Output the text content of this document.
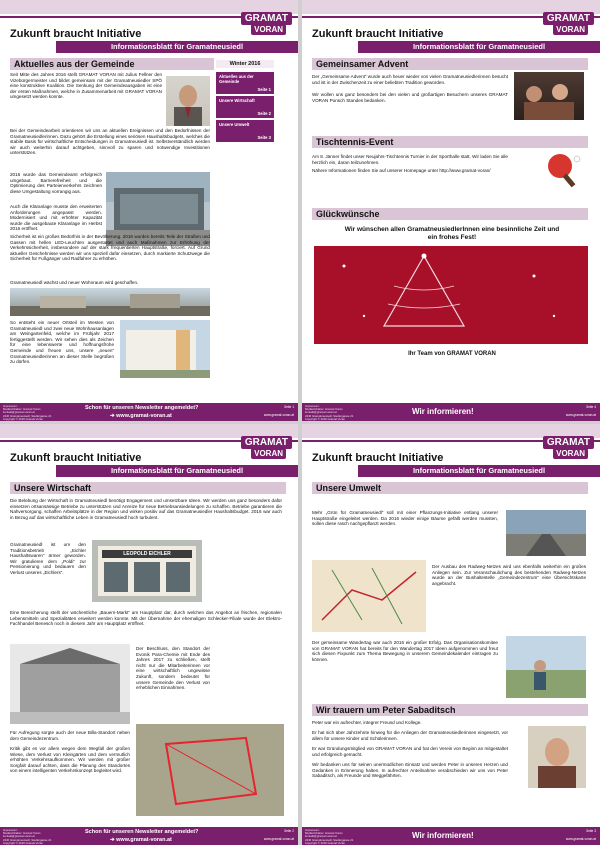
GRAMAT
VORAN
Zukunft braucht Initiative
Informationsblatt für Gramatneusiedl
Aktuelles aus der Gemeinde	Winter 2016
Aktuelles aus der Gemeinde
Seite 1
Unsere Wirtschaft
Seite 2
Unsere Umwelt
Seite 3
Seit Mitte des Jahres 2016 stellt GRAMAT VORAN mit Julius Fellner den Vizebürgermeister und bildet gemeinsam mit der Gramatneusiedler SPÖ eine konstruktive Koalition. Die Senkung der Gemeindeausgaben ist eine der ersten Maßnahmen, welche in Zusammenarbeit mit GRAMAT VORAN umgesetzt werden konnte.
Bei der Gemeindearbeit orientieren wir uns an aktuellen Ereignissen und den Bedürfnissen der Gramatneusiedlerinnen. Dazu gehört die Erstellung eines seriösen Haushaltsbudgets, welches die stabile Basis für wirtschaftliche Entscheidungen in Gramatneusiedl ist. Selbstverständlich werden wir auch weiterhin darauf achtgeben, sinnvoll zu sparen und notwendige Investitionen unterstützen.
2016 wurde das Gemeindeamt erfolgreich umgebaut. Barrierefreiheit und die Optimierung des Parteienverkehrs zeichnen diese Umgestaltung vorrangig aus.
Auch die Kläranlage musste den erweiterten Anforderungen angepasst werden. Modernisiert und mit erhöhter Kapazität wurde die ausgebaute Kläranlage im Herbst 2016 eröffnet.
Sicherheit ist ein großes Bedürfnis in der Bevölkerung. 2016 wurden bereits Teile der Straßen und Gassen mit hellen LED-Leuchten ausgestattet und auch Maßnahmen zur Erhöhung der Verkehrssicherheit, insbesondere auf der stark frequentierten Hauptstraße, forciert. Auf Grund aktueller Geschehnisse werden wir uns speziell dafür einsetzen, durch markierte Schutzwege die Sicherheit für Fußgänger und Radfahrer zu erhöhen.
Gramatneusiedl wächst und neuer Wohnraum wird geschaffen.
So entsteht ein neuer Ortsteil im Westen von Gramatneusiedl und zwei neue Wohnhausanlagen am Weingartenfeld, welche im Frühjahr 2017 fertiggestellt werden. Wir sehen dies als Zeichen für eine lebenswerte und hoffnungsfrohe Gemeinde und freuen uns, unsere „neuen“ Gramatneusiedlerinnen an dieser Stelle begrüßen zu dürfen.
Impressum:
Medieninhaber: Gramat Voran
kontakt@gramat-voran.at
2440 Gramatneusiedl, Siedlergasse 21
Copyright © 2016 Gramat Voran
Schon für unseren Newsletter angemeldet?
➔ www.gramat-voran.at
Seite 1
www.gramat-voran.at
GRAMAT
VORAN
Zukunft braucht Initiative
Informationsblatt für Gramatneusiedl
Gemeinsamer Advent
Der „Gemeinsame Advent“ wurde auch heuer wieder von vielen Gramatneusiedlerinnen besucht und ist in der Zwischenzeit zu einer beliebten Tradition geworden.
Wir wollen uns ganz besonders bei den vielen und großartigen Besuchern unseres GRAMAT VORAN Punsch Standes bedanken.
Tischtennis-Event
Am 8. Jänner findet unser Neujahrs-Tischtennis Turnier in der Sporthalle statt. Wir laden Sie alle herzlich ein, daran teilzunehmen.
Nähere Informationen finden Sie auf unserer Homepage unter http://www.gramat-voran/
Glückwünsche
Wir wünschen allen GramatneusiedlerInnen eine besinnliche Zeit und ein frohes Fest!
Ihr Team von GRAMAT VORAN
Impressum:
Medieninhaber: Gramat Voran
kontakt@gramat-voran.at
2440 Gramatneusiedl, Siedlergasse 21
Copyright © 2016 Gramat Voran
Wir informieren!	Seite 4
www.gramat-voran.at
GRAMAT
VORAN
Zukunft braucht Initiative
Informationsblatt für Gramatneusiedl
Unsere Wirtschaft
Die Belebung der Wirtschaft in Gramatneusiedl benötigt Engagement und umsetzbare Ideen. Wir werden uns ganz besonders dafür einsetzen ortsansässige Betriebe zu unterstützen und Anreize für neue Betriebsansiedelungen zu schaffen. Betriebe garantieren die Nahversorgung, schaffen Arbeitsplätze in der Region und wirken positiv auf das Gramatneusiedler Haushaltsbudget. 2016 war auch in Bezug auf das wirtschaftliche Leben in Gramatneusiedl hoch turbulent.
Gramatneusiedl ist um den Traditionsbetrieb „Eichler Haushaltswaren“ ärmer geworden. Wir gratulieren dem „Poldi“ zur Pensionierung und bedauern den Verlust unseres „Eichlers“.
LEOPOLD EICHLER
Eine Bereicherung stellt der wöchentliche „Bauern-Markt“ am Hauptplatz dar, durch welchen das Angebot an frischen, regionalen Lebensmitteln und Spezialitäten erweitert werden konnte. Mit der Übernahme der ehemaligen Schlecker-Filiale wurde der Elektro-Fachhandel Benesch noch in diesem Jahr am Hauptplatz eröffnet.
Der Beschluss, den Standort der Evonik Para-Chemie mit Ende des Jahres 2017 zu schließen, stellt nicht nur die Mitarbeiterinnen vor eine wirtschaftlich ungewisse Zukunft, sondern bedeutet für unsere Gemeinde den Verlust von erheblichen Einnahmen.
Für Aufregung sorgte auch der neue Billa-Standort neben dem Gemeindezentrum.
Kritik gibt es vor allem wegen dem Wegfall der großen Wiese, dem Verlust von Kleingärten und dem vermutlich erhöhten Verkehrsaufkommen. Wir werden mit großer Sorgfalt darauf achten, dass die Planung des Standortes von einem intelligenten Verkehrskonzept begleitet wird.
Impressum:
Medieninhaber: Gramat Voran
kontakt@gramat-voran.at
2440 Gramatneusiedl, Siedlergasse 21
Copyright © 2016 Gramat Voran
Schon für unseren Newsletter angemeldet?
➔ www.gramat-voran.at
Seite 2
www.gramat-voran.at
GRAMAT
VORAN
Zukunft braucht Initiative
Informationsblatt für Gramatneusiedl
Unsere Umwelt
Mehr „Grün für Gramatneusiedl“ soll mit einer Pflanzungs-Initiative entlang unserer Hauptstraße eingeleitet werden. Da 2016 wieder einige Bäume gefällt werden mussten, sollen diese rasch nachgepflanzt werden.
Der Ausbau des Radweg-Netzes wird uns ebenfalls weiterhin ein großes Anliegen sein. Zur Veranschaulichung des bestehenden Radweg-Netzes wurde an der Bushaltestelle „Gemeindezentrum“ eine Übersichtskarte angebracht.
Der gemeinsame Wandertag war auch 2016 ein großer Erfolg. Das Organisationskomitee von GRAMAT VORAN hat bereits für den Wandertag 2017 Ideen aufgenommen und freut sich diesen Fixpunkt zum Thema Bewegung in unserem Gemeindekalender eintragen zu können.
Wir trauern um Peter Sabaditsch
Peter war ein aufrechter, integrer Freund und Kollege.
Er hat sich über Jahrzehnte hinweg für die Anliegen der Gramatneusiedlerinnen eingesetzt, vor allem für unsere Kinder und Schülerinnen.
Er war Gründungsmitglied von GRAMAT VORAN und hat den Verein von Beginn an mitgestaltet und erfolgreich gemacht.
Wir bedanken uns für seinen unermüdlichen Einsatz und werden Peter in unseren Herzen und Gedanken in Erinnerung halten. In aufrechter Anteilnahme verabschieden wir uns von Peter Sabaditsch, als Freunde und Weggefährten.
Impressum:
Medieninhaber: Gramat Voran
kontakt@gramat-voran.at
2440 Gramatneusiedl, Siedlergasse 21
Copyright © 2016 Gramat Voran
Wir informieren!	Seite 3
www.gramat-voran.at
